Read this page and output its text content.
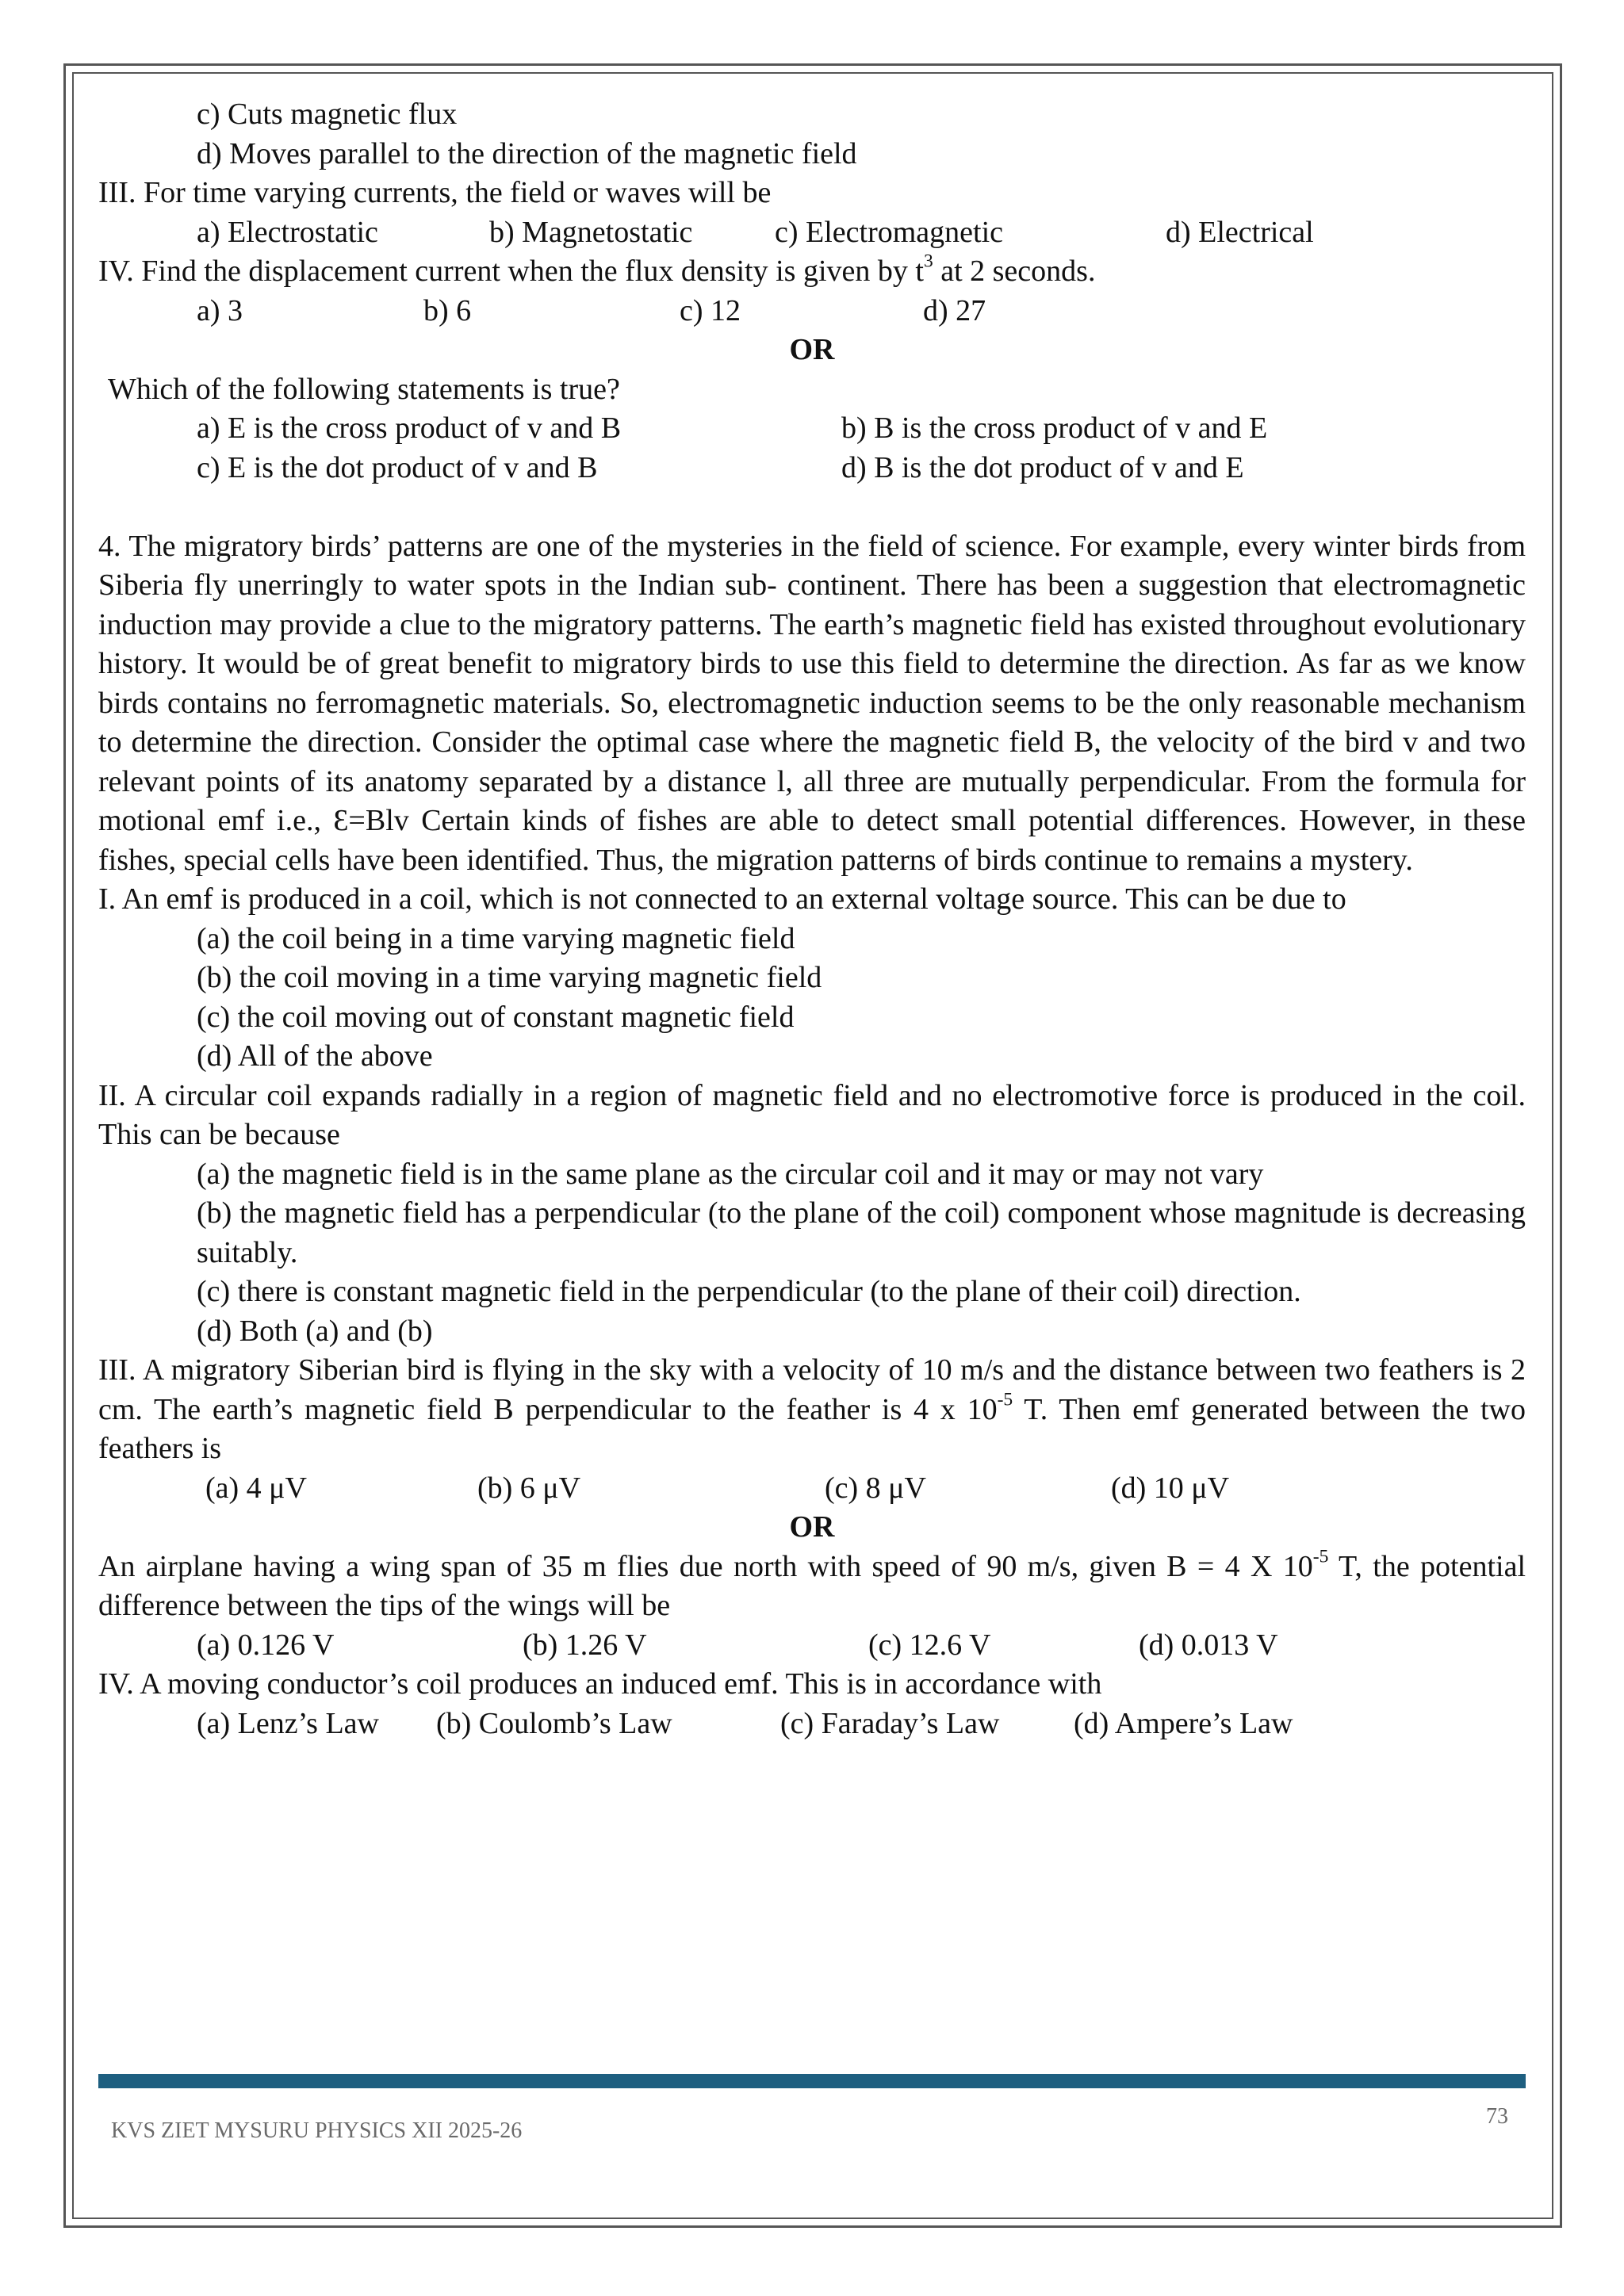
c) Cuts magnetic flux

d) Moves parallel to the direction of the magnetic field

III. For time varying currents, the field or waves will be

a) Electrostatic	b) Magnetostatic	c) Electromagnetic	d) Electrical

IV. Find the displacement current when the flux density is given by $t^3$ at 2 seconds.

a) 3	b) 6	c) 12	d) 27

OR

Which of the following statements is true?

a) E is the cross product of v and B	b) B is the cross product of v and E
c) E is the dot product of v and B	d) B is the dot product of v and E

4. The migratory birds’ patterns are one of the mysteries in the field of science. For example, every winter birds from Siberia fly unerringly to water spots in the Indian sub- continent. There has been a suggestion that electromagnetic induction may provide a clue to the migratory patterns. The earth’s magnetic field has existed throughout evolutionary history. It would be of great benefit to migratory birds to use this field to determine the direction. As far as we know birds contains no ferromagnetic materials. So, electromagnetic induction seems to be the only reasonable mechanism to determine the direction. Consider the optimal case where the magnetic field B, the velocity of the bird v and two relevant points of its anatomy separated by a distance l, all three are mutually perpendicular. From the formula for motional emf i.e., Ɛ=Blv Certain kinds of fishes are able to detect small potential differences. However, in these fishes, special cells have been identified. Thus, the migration patterns of birds continue to remains a mystery.

I. An emf is produced in a coil, which is not connected to an external voltage source. This can be due to

(a) the coil being in a time varying magnetic field

(b) the coil moving in a time varying magnetic field

(c) the coil moving out of constant magnetic field

(d) All of the above

II. A circular coil expands radially in a region of magnetic field and no electromotive force is produced in the coil. This can be because

(a) the magnetic field is in the same plane as the circular coil and it may or may not vary

(b) the magnetic field has a perpendicular (to the plane of the coil) component whose magnitude is decreasing suitably.

(c) there is constant magnetic field in the perpendicular (to the plane of their coil) direction.

(d) Both (a) and (b)

III. A migratory Siberian bird is flying in the sky with a velocity of 10 m/s and the distance between two feathers is 2 cm. The earth’s magnetic field B perpendicular to the feather is 4 x $10^{-5}$ T. Then emf generated between the two feathers is

(a) 4 μV	(b) 6 μV	(c) 8 μV	(d) 10 μV

OR

An airplane having a wing span of 35 m flies due north with speed of 90 m/s, given B = 4 X $10^{-5}$ T, the potential difference between the tips of the wings will be

(a) 0.126 V	(b) 1.26 V	(c) 12.6 V	(d) 0.013 V

IV. A moving conductor’s coil produces an induced emf. This is in accordance with

(a) Lenz’s Law (b) Coulomb’s Law	(c) Faraday’s Law (d) Ampere’s Law
KVS ZIET MYSURU PHYSICS XII 2025-26
73
